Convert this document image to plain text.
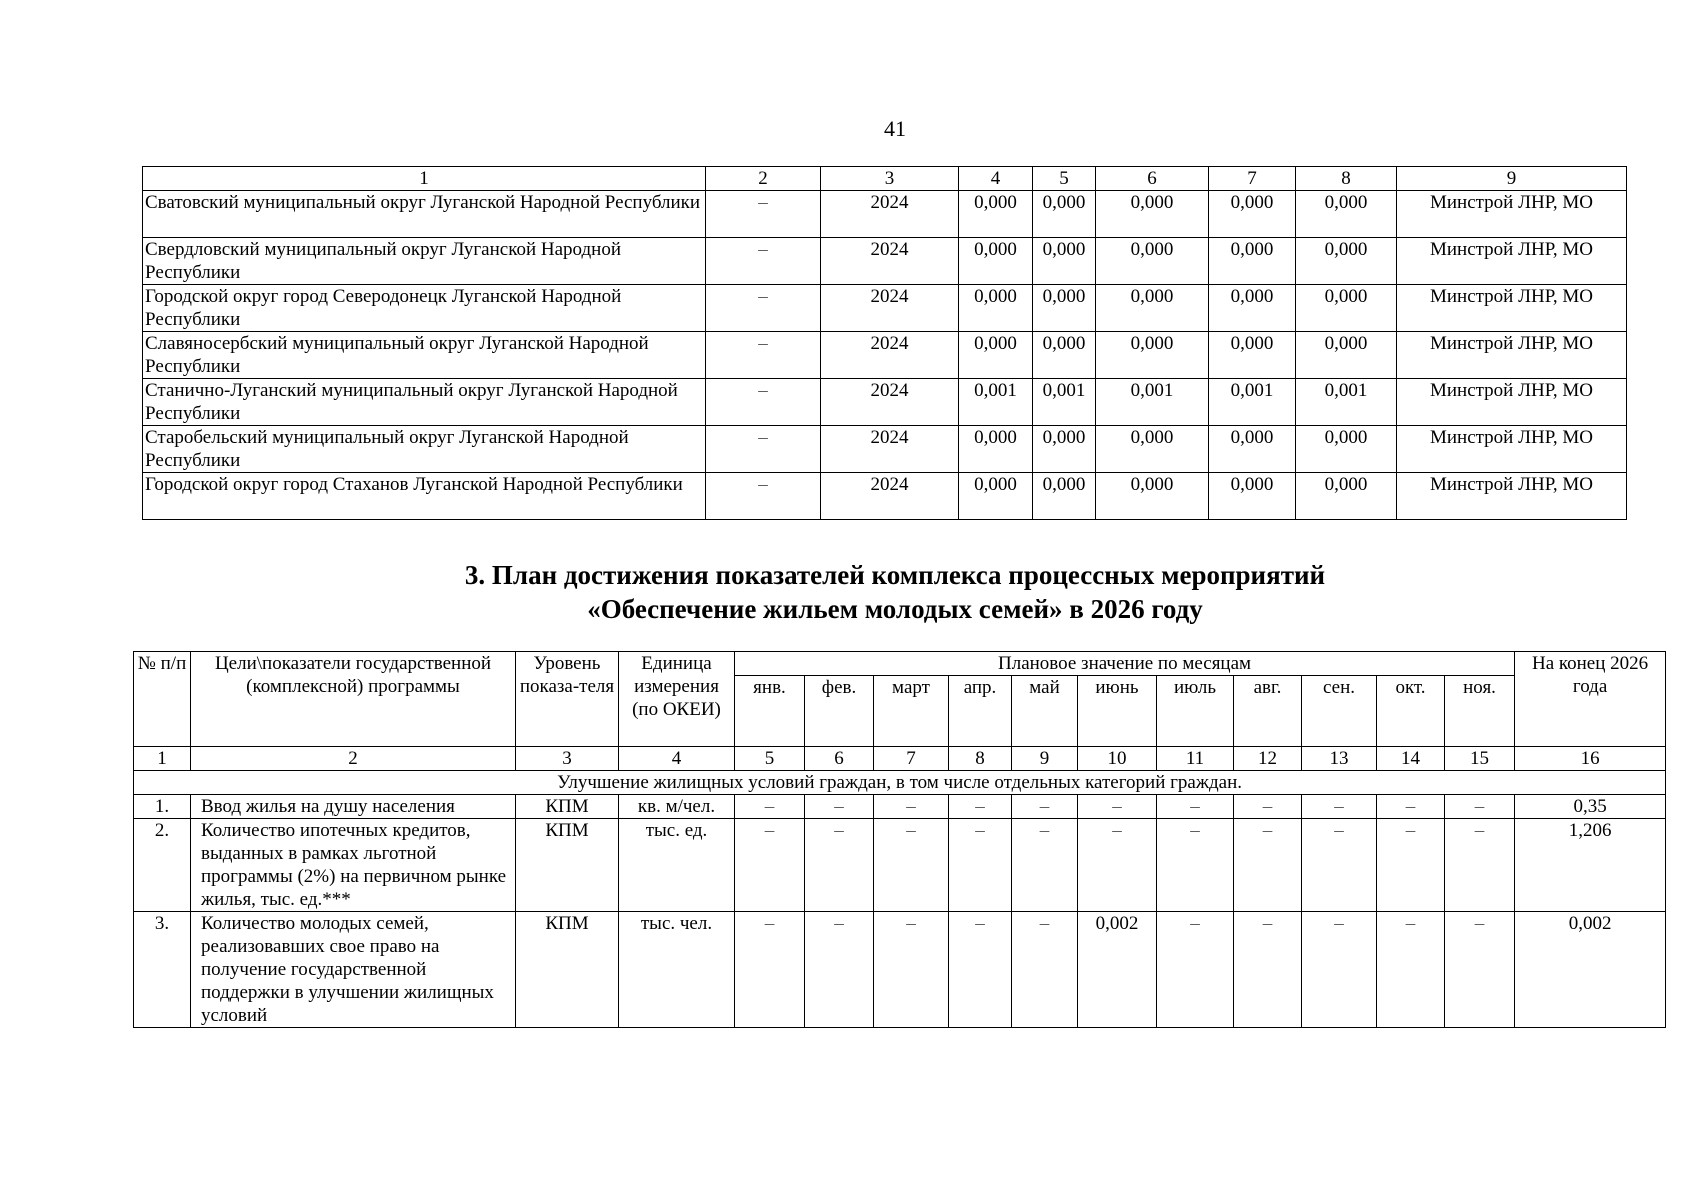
41
1	2	3	4	5	6	7	8	9
Сватовский муниципальный округ Луганской Народной Республики	–	2024	0,000	0,000	0,000	0,000	0,000	Минстрой ЛНР, МО
Свердловский муниципальный округ Луганской Народной Республики	–	2024	0,000	0,000	0,000	0,000	0,000	Минстрой ЛНР, МО
Городской округ город Северодонецк Луганской Народной Республики	–	2024	0,000	0,000	0,000	0,000	0,000	Минстрой ЛНР, МО
Славяносербский муниципальный округ Луганской Народной Республики	–	2024	0,000	0,000	0,000	0,000	0,000	Минстрой ЛНР, МО
Станично-Луганский муниципальный округ Луганской Народной Республики	–	2024	0,001	0,001	0,001	0,001	0,001	Минстрой ЛНР, МО
Старобельский муниципальный округ Луганской Народной Республики	–	2024	0,000	0,000	0,000	0,000	0,000	Минстрой ЛНР, МО
Городской округ город Стаханов Луганской Народной Республики	–	2024	0,000	0,000	0,000	0,000	0,000	Минстрой ЛНР, МО
3. План достижения показателей комплекса процессных мероприятий
«Обеспечение жильем молодых семей» в 2026 году
№ п/п	Цели\показатели государственной (комплексной) программы	Уровень показа-теля	Единица измерения (по ОКЕИ)	Плановое значение по месяцам											На конец 2026 года
				янв.	фев.	март	апр.	май	июнь	июль	авг.	сен.	окт.	ноя.	
1	2	3	4	5	6	7	8	9	10	11	12	13	14	15	16
Улучшение жилищных условий граждан, в том числе отдельных категорий граждан.															
1.	Ввод жилья на душу населения	КПМ	кв. м/чел.	–	–	–	–	–	–	–	–	–	–	–	0,35
2.	Количество ипотечных кредитов, выданных в рамках льготной программы (2%) на первичном рынке жилья, тыс. ед.***	КПМ	тыс. ед.	–	–	–	–	–	–	–	–	–	–	–	1,206
3.	Количество молодых семей, реализовавших свое право на получение государственной поддержки в улучшении жилищных условий	КПМ	тыс. чел.	–	–	–	–	–	0,002	–	–	–	–	–	0,002
